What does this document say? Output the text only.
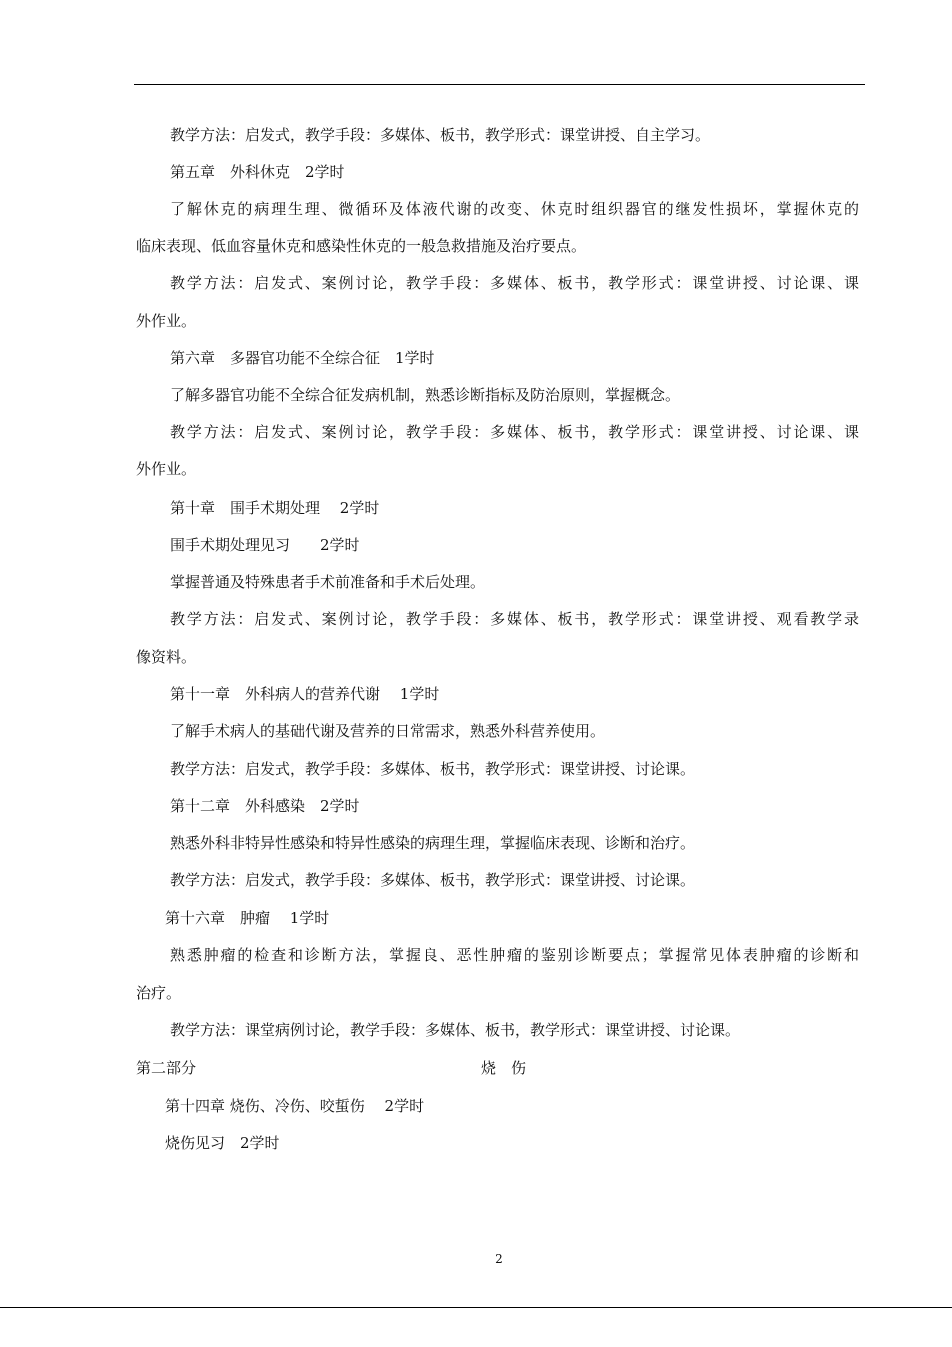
教学方法：启发式，教学手段：多媒体、板书，教学形式：课堂讲授、自主学习。
第五章　外科休克　2学时
了解休克的病理生理、微循环及体液代谢的改变、休克时组织器官的继发性损坏，掌握休克的
临床表现、低血容量休克和感染性休克的一般急救措施及治疗要点。
教学方法：启发式、案例讨论，教学手段：多媒体、板书，教学形式：课堂讲授、讨论课、课
外作业。
第六章　多器官功能不全综合征　1学时
了解多器官功能不全综合征发病机制，熟悉诊断指标及防治原则，掌握概念。
教学方法：启发式、案例讨论，教学手段：多媒体、板书，教学形式：课堂讲授、讨论课、课
外作业。
第十章　围手术期处理　 2学时
围手术期处理见习　　2学时
掌握普通及特殊患者手术前准备和手术后处理。
教学方法：启发式、案例讨论，教学手段：多媒体、板书，教学形式：课堂讲授、观看教学录
像资料。
第十一章　外科病人的营养代谢　 1学时
了解手术病人的基础代谢及营养的日常需求，熟悉外科营养使用。
教学方法：启发式，教学手段：多媒体、板书，教学形式：课堂讲授、讨论课。
第十二章　外科感染　2学时
熟悉外科非特异性感染和特异性感染的病理生理，掌握临床表现、诊断和治疗。
教学方法：启发式，教学手段：多媒体、板书，教学形式：课堂讲授、讨论课。
第十六章　肿瘤　 1学时
熟悉肿瘤的检查和诊断方法，掌握良、恶性肿瘤的鉴别诊断要点；掌握常见体表肿瘤的诊断和
治疗。
教学方法：课堂病例讨论，教学手段：多媒体、板书，教学形式：课堂讲授、讨论课。
第二部分	烧　伤
第十四章 烧伤、冷伤、咬蜇伤　 2学时
烧伤见习　2学时
2
